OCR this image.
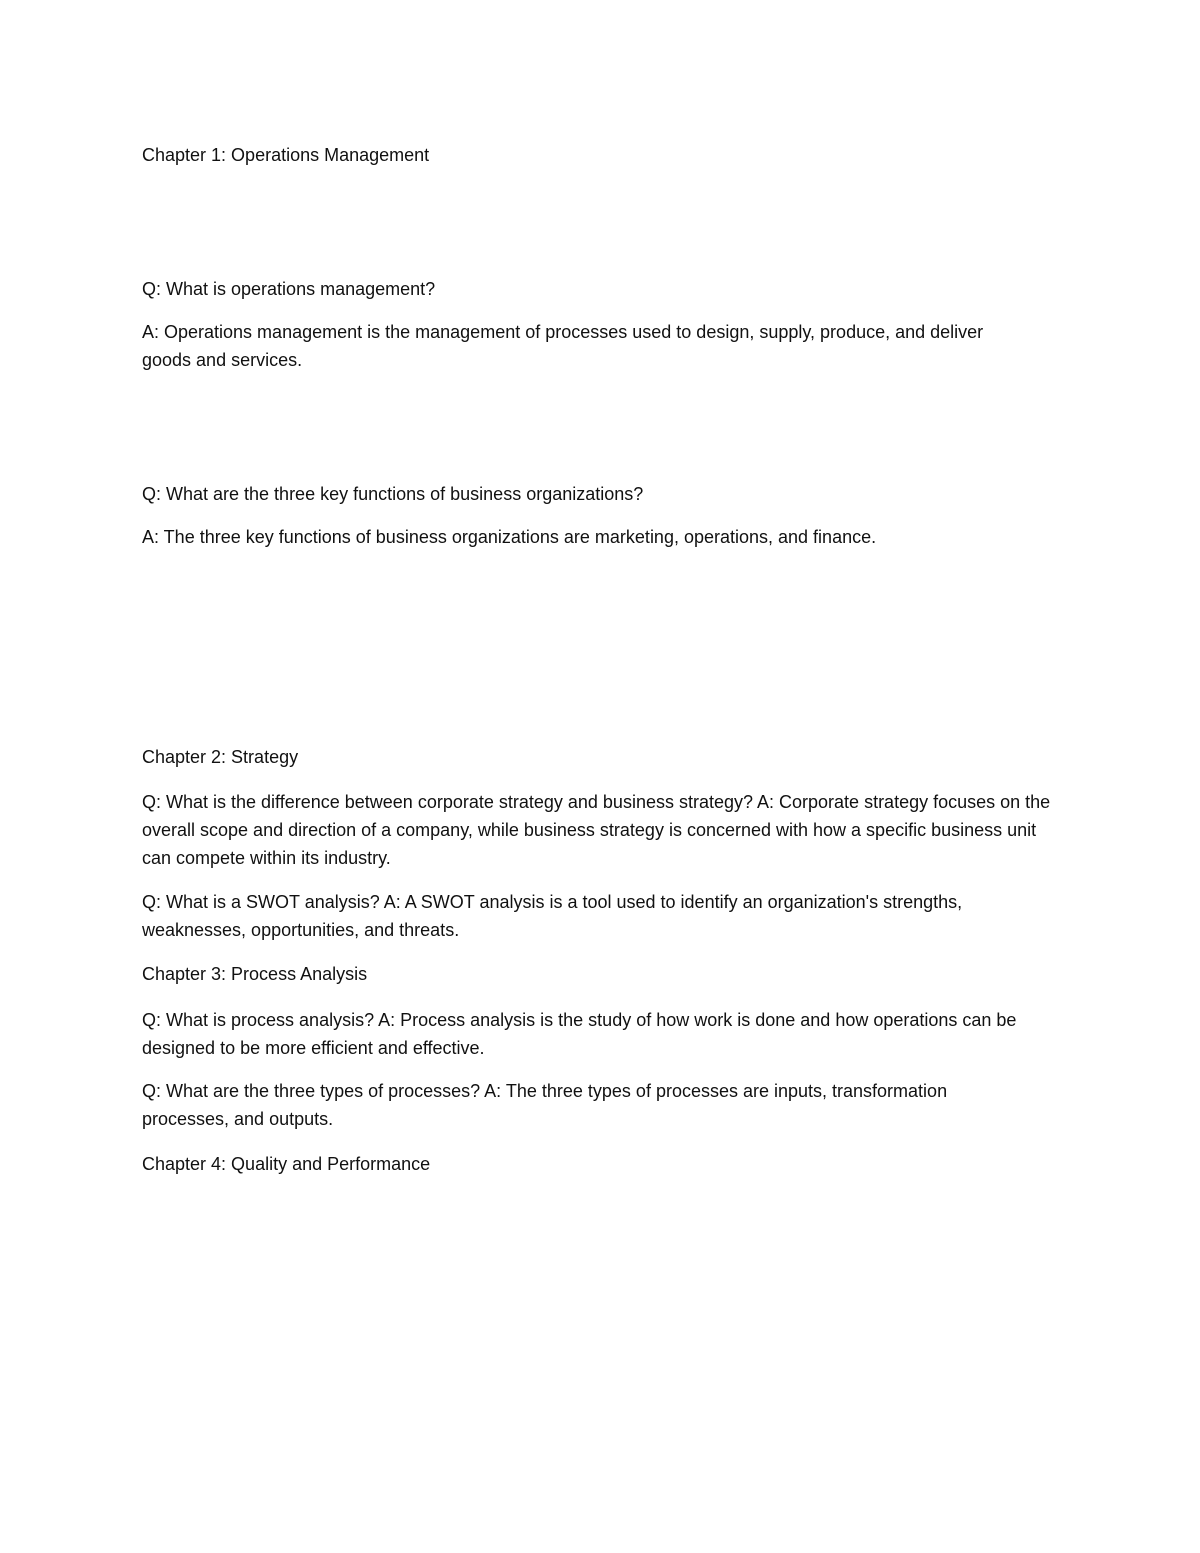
Chapter 1: Operations Management
Q: What is operations management?
A: Operations management is the management of processes used to design, supply, produce, and deliver goods and services.
Q: What are the three key functions of business organizations?
A: The three key functions of business organizations are marketing, operations, and finance.
Chapter 2: Strategy
Q: What is the difference between corporate strategy and business strategy? A: Corporate strategy focuses on the overall scope and direction of a company, while business strategy is concerned with how a specific business unit can compete within its industry.
Q: What is a SWOT analysis? A: A SWOT analysis is a tool used to identify an organization's strengths, weaknesses, opportunities, and threats.
Chapter 3: Process Analysis
Q: What is process analysis? A: Process analysis is the study of how work is done and how operations can be designed to be more efficient and effective.
Q: What are the three types of processes? A: The three types of processes are inputs, transformation processes, and outputs.
Chapter 4: Quality and Performance
